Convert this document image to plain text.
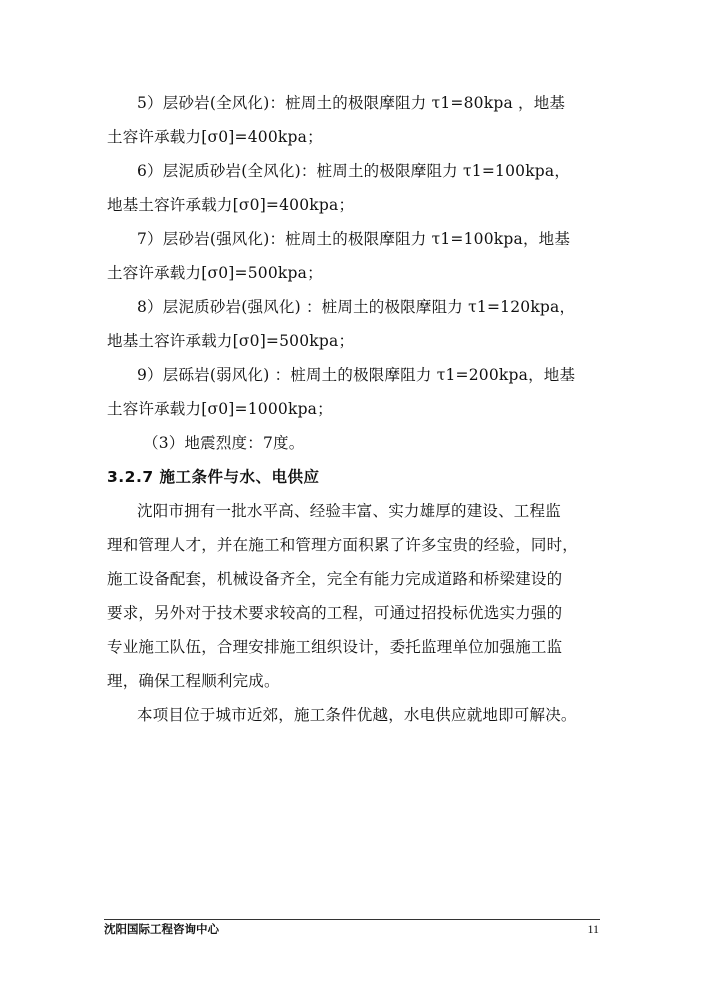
5）层砂岩(全风化)：桩周土的极限摩阻力 τ1=80kpa ，地基
土容许承载力[σ0]=400kpa；
6）层泥质砂岩(全风化)：桩周土的极限摩阻力 τ1=100kpa，
地基土容许承载力[σ0]=400kpa；
7）层砂岩(强风化)：桩周土的极限摩阻力 τ1=100kpa，地基
土容许承载力[σ0]=500kpa；
8）层泥质砂岩(强风化) ：桩周土的极限摩阻力 τ1=120kpa，
地基土容许承载力[σ0]=500kpa；
9）层砾岩(弱风化) ：桩周土的极限摩阻力 τ1=200kpa，地基
土容许承载力[σ0]=1000kpa；
（3）地震烈度：7度。
3.2.7 施工条件与水、电供应
沈阳市拥有一批水平高、经验丰富、实力雄厚的建设、工程监
理和管理人才，并在施工和管理方面积累了许多宝贵的经验，同时，
施工设备配套，机械设备齐全，完全有能力完成道路和桥梁建设的
要求，另外对于技术要求较高的工程，可通过招投标优选实力强的
专业施工队伍，合理安排施工组织设计，委托监理单位加强施工监
理，确保工程顺利完成。
本项目位于城市近郊，施工条件优越，水电供应就地即可解决。
沈阳国际工程咨询中心	11
